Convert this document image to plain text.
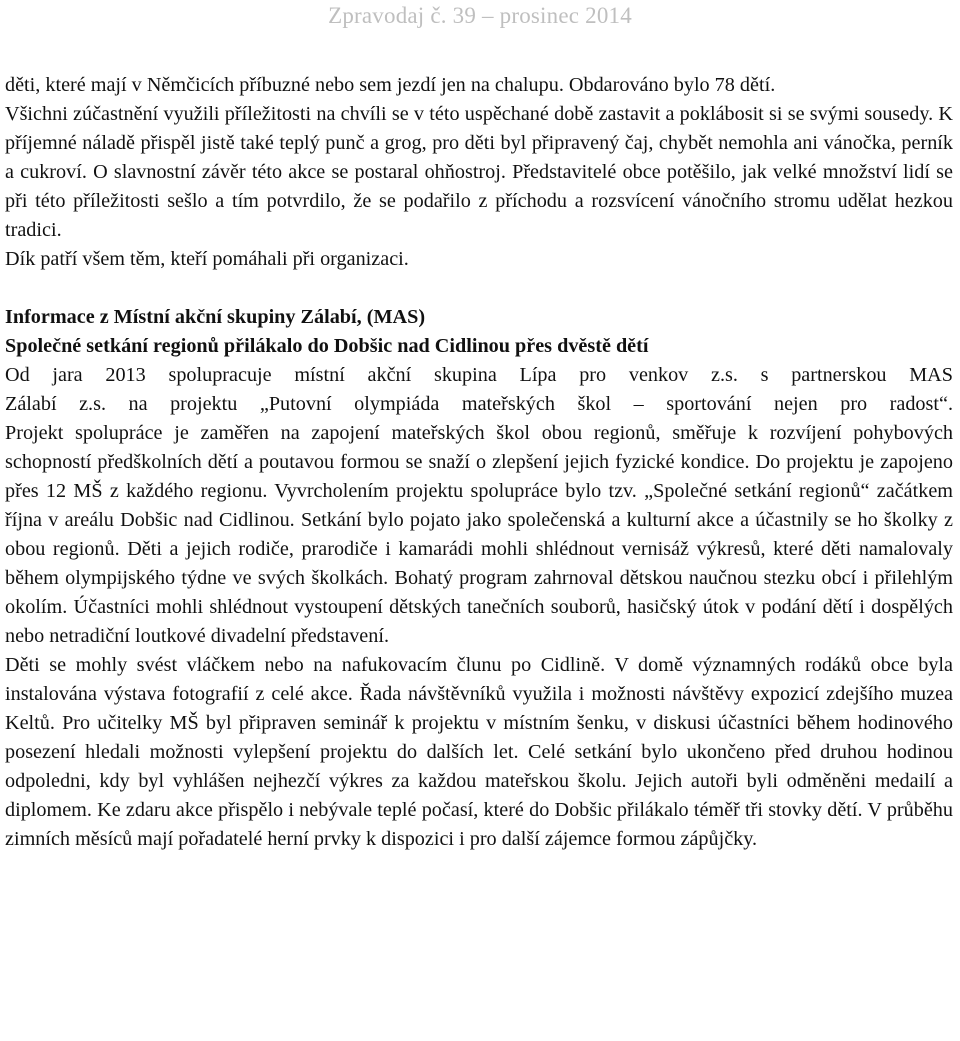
Zpravodaj č. 39 – prosinec 2014

děti, které mají v Němčicích příbuzné nebo sem jezdí jen na chalupu. Obdarováno bylo 78 dětí.

Všichni zúčastnění využili příležitosti na chvíli se v této uspěchané době zastavit a poklábosit si se svými sousedy. K příjemné náladě přispěl jistě také teplý punč a grog, pro děti byl připravený čaj, chybět nemohla ani vánočka, perník a cukroví. O slavnostní závěr této akce se postaral ohňostroj. Představitelé obce potěšilo, jak velké množství lidí se při této příležitosti sešlo a tím potvrdilo, že se podařilo z příchodu a rozsvícení vánočního stromu udělat hezkou tradici.

Dík patří všem těm, kteří pomáhali při organizaci.

Informace z Místní akční skupiny Zálabí, (MAS)

Společné setkání regionů přilákalo do Dobšic nad Cidlinou přes dvěstě dětí

Od jara 2013 spolupracuje místní akční skupina Lípa pro venkov z.s. s partnerskou MAS
Zálabí z.s. na projektu „Putovní olympiáda mateřských škol – sportování nejen pro radost“.

Projekt spolupráce je zaměřen na zapojení mateřských škol obou regionů, směřuje k rozvíjení pohybových schopností předškolních dětí a poutavou formou se snaží o zlepšení jejich fyzické kondice. Do projektu je zapojeno přes 12 MŠ z každého regionu. Vyvrcholením projektu spolupráce bylo tzv. „Společné setkání regionů“ začátkem října v areálu Dobšic nad Cidlinou. Setkání bylo pojato jako společenská a kulturní akce a účastnily se ho školky z obou regionů. Děti a jejich rodiče, prarodiče i kamarádi mohli shlédnout vernisáž výkresů, které děti namalovaly během olympijského týdne ve svých školkách. Bohatý program zahrnoval dětskou naučnou stezku obcí i přilehlým okolím. Účastníci mohli shlédnout vystoupení dětských tanečních souborů, hasičský útok v podání dětí i dospělých nebo netradiční loutkové divadelní představení.

Děti se mohly svést vláčkem nebo na nafukovacím člunu po Cidlině. V domě významných rodáků obce byla instalována výstava fotografií z celé akce. Řada návštěvníků využila i možnosti návštěvy expozicí zdejšího muzea Keltů. Pro učitelky MŠ byl připraven seminář k projektu v místním šenku, v diskusi účastníci během hodinového posezení hledali možnosti vylepšení projektu do dalších let. Celé setkání bylo ukončeno před druhou hodinou odpoledni, kdy byl vyhlášen nejhezčí výkres za každou mateřskou školu. Jejich autoři byli odměněni medailí a diplomem. Ke zdaru akce přispělo i nebývale teplé počasí, které do Dobšic přilákalo téměř tři stovky dětí. V průběhu zimních měsíců mají pořadatelé herní prvky k dispozici i pro další zájemce formou zápůjčky.
